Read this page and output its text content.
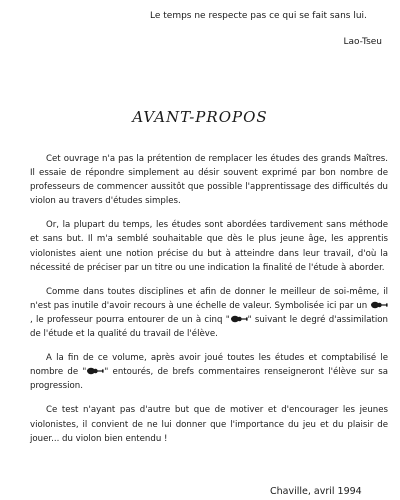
Le temps ne respecte pas ce qui se fait sans lui.
Lao-Tseu
AVANT-PROPOS

Cet ouvrage n'a pas la prétention de remplacer les études des grands Maîtres. Il essaie de répondre simplement au désir souvent exprimé par bon nombre de professeurs de commencer aussitôt que possible l'apprentissage des difficultés du violon au travers d'études simples.

Or, la plupart du temps, les études sont abordées tardivement sans méthode et sans but. Il m'a semblé souhaitable que dès le plus jeune âge, les apprentis violonistes aient une notion précise du but à atteindre dans leur travail, d'où la nécessité de préciser par un titre ou une indication la finalité de l'étude à aborder.

Comme dans toutes disciplines et afin de donner le meilleur de soi-même, il n'est pas inutile d'avoir recours à une échelle de valeur. Symbolisée ici par un , le professeur pourra entourer de un à cinq " " suivant le degré d'assimilation de l'étude et la qualité du travail de l'élève.

A la fin de ce volume, après avoir joué toutes les études et comptabilisé le nombre de " " entourés, de brefs commentaires renseigneront l'élève sur sa progression.

Ce test n'ayant pas d'autre but que de motiver et d'encourager les jeunes violonistes, il convient de ne lui donner que l'importance du jeu et du plaisir de jouer... du violon bien entendu !

Chaville, avril 1994
